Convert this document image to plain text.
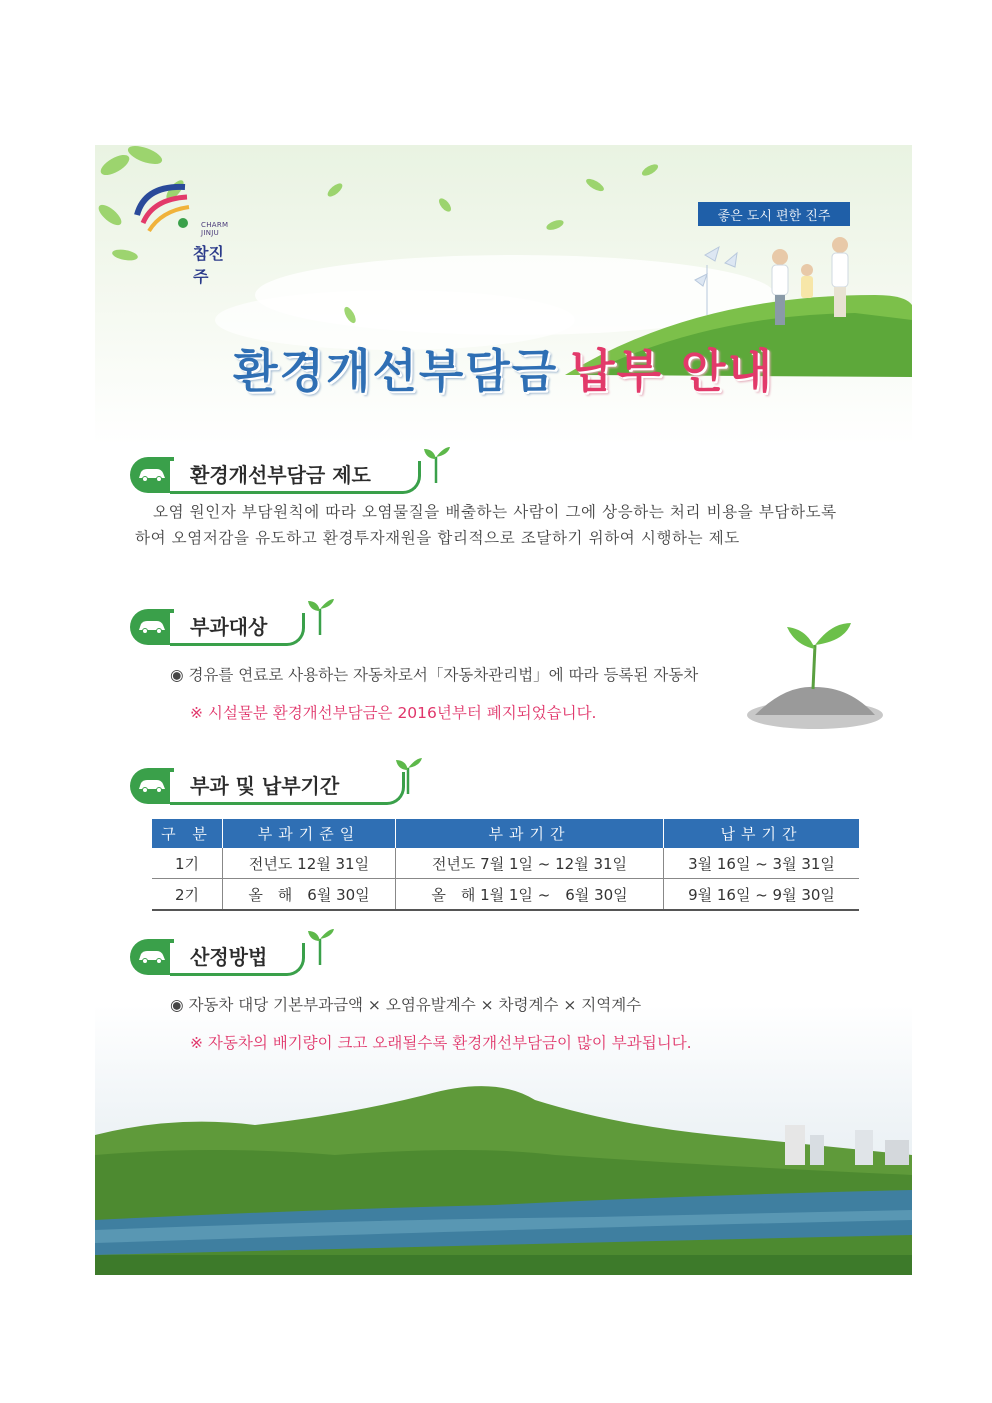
CHARM JINJU
참진주
좋은 도시 편한 진주
환경개선부담금 납부 안내
환경개선부담금 제도
오염 원인자 부담원칙에 따라 오염물질을 배출하는 사람이 그에 상응하는 처리 비용을 부담하도록 하여 오염저감을 유도하고 환경투자재원을 합리적으로 조달하기 위하여 시행하는 제도
부과대상
◉ 경유를 연료로 사용하는 자동차로서「자동차관리법」에 따라 등록된 자동차
※ 시설물분 환경개선부담금은 2016년부터 폐지되었습니다.
부과 및 납부기간
구 분	부과기준일	부과기간	납부기간
1기	전년도 12월 31일	전년도 7월 1일 ~ 12월 31일	3월 16일 ~ 3월 31일
2기	올　해　6월 30일	올　해 1월 1일 ~　6월 30일	9월 16일 ~ 9월 30일
산정방법
◉ 자동차 대당 기본부과금액 × 오염유발계수 × 차령계수 × 지역계수
※ 자동차의 배기량이 크고 오래될수록 환경개선부담금이 많이 부과됩니다.
